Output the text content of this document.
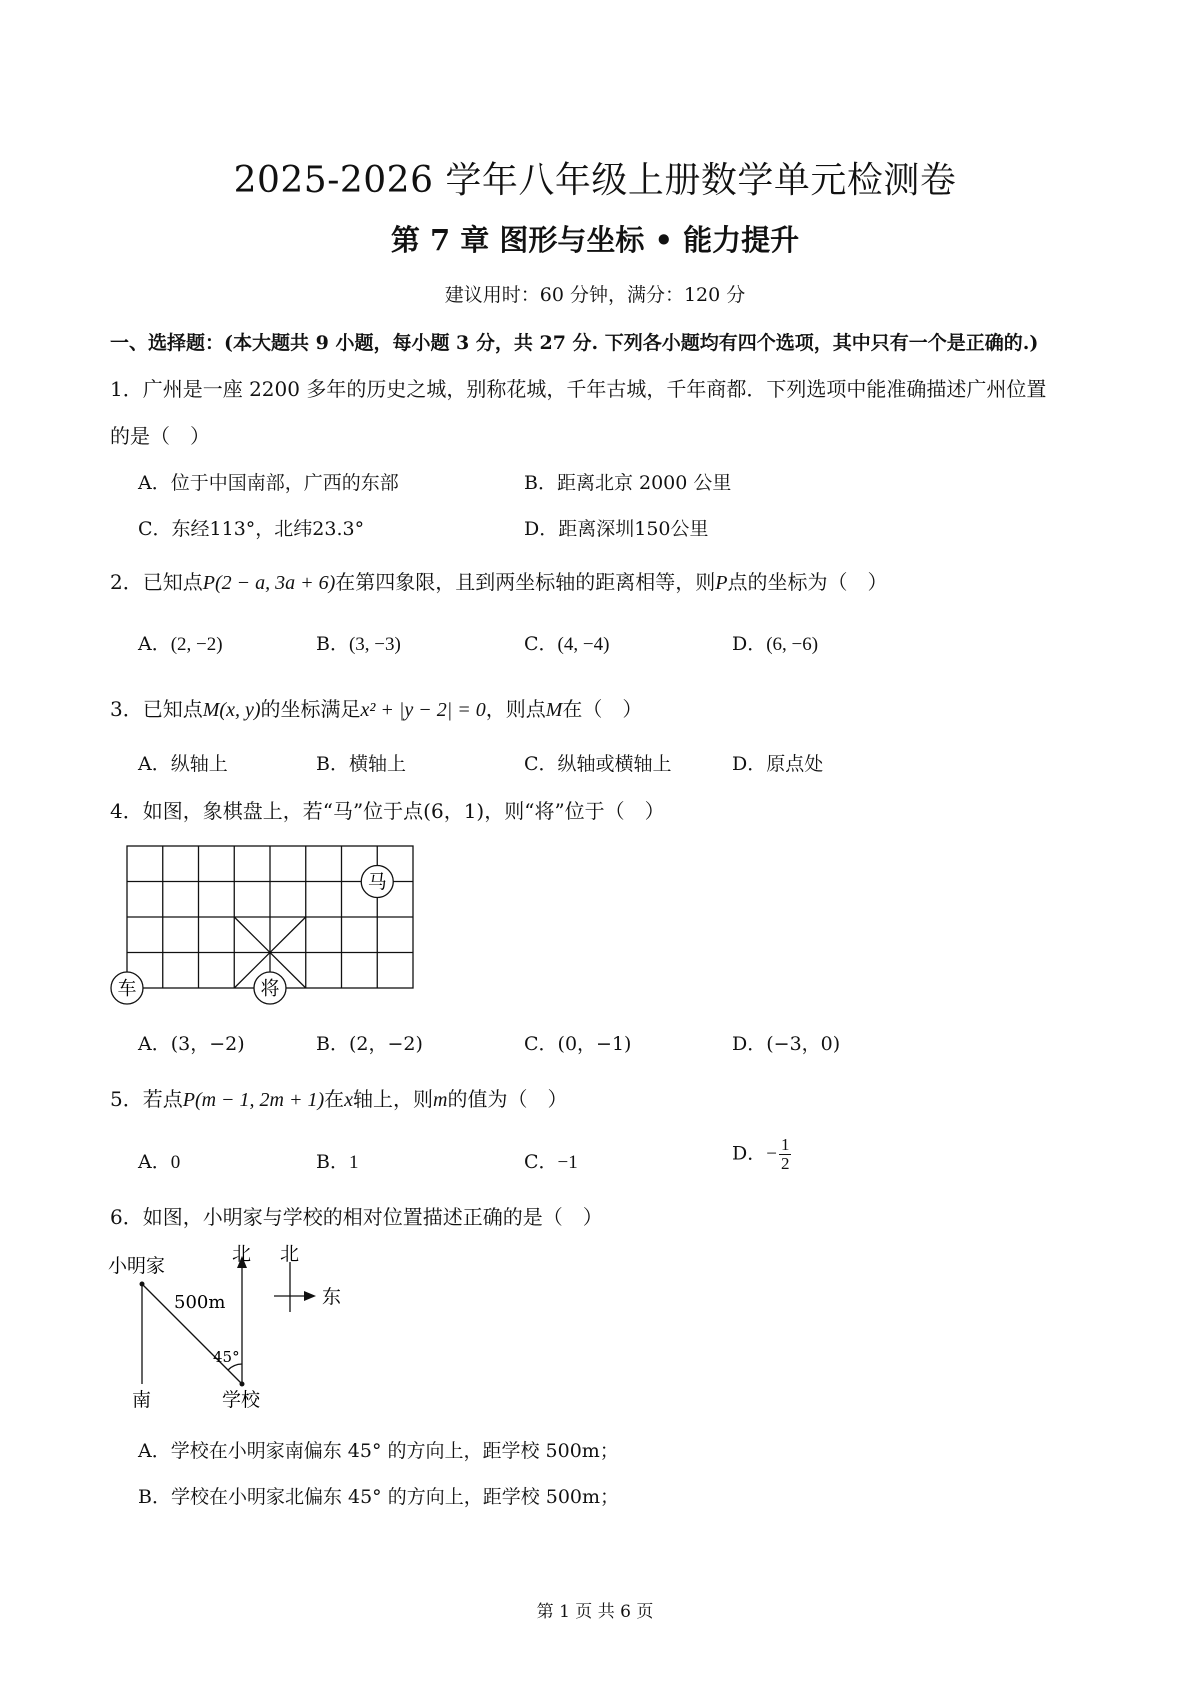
2025-2026 学年八年级上册数学单元检测卷
第 7 章 图形与坐标 • 能力提升
建议用时：60 分钟，满分：120 分
一、选择题：(本大题共 9 小题，每小题 3 分，共 27 分. 下列各小题均有四个选项，其中只有一个是正确的.)
1．广州是一座 2200 多年的历史之城，别称花城，千年古城，千年商都．下列选项中能准确描述广州位置
的是（　）
A．位于中国南部，广西的东部	B．距离北京 2000 公里
C．东经113°，北纬23.3°	D．距离深圳150公里
2．已知点P(2 − a, 3a + 6)在第四象限，且到两坐标轴的距离相等，则P点的坐标为（　）
A．(2, −2)	B．(3, −3)	C．(4, −4)	D．(6, −6)
3．已知点M(x, y)的坐标满足x² + |y − 2| = 0，则点M在（　）
A．纵轴上	B．横轴上	C．纵轴或横轴上	D．原点处
4．如图，象棋盘上，若“马”位于点(6，1)，则“将”位于（　）
马
车	将
A．(3，−2)	B．(2，−2)	C．(0，−1)	D．(−3，0)
5．若点P(m − 1, 2m + 1)在x轴上，则m的值为（　）
A．0	B．1	C．−1	D．− $\frac{1}{2}$
6．如图，小明家与学校的相对位置描述正确的是（　）
小明家
500m
45°
北 北
东
南	学校
A．学校在小明家南偏东 45° 的方向上，距学校 500m；
B．学校在小明家北偏东 45° 的方向上，距学校 500m；
第 1 页 共 6 页
